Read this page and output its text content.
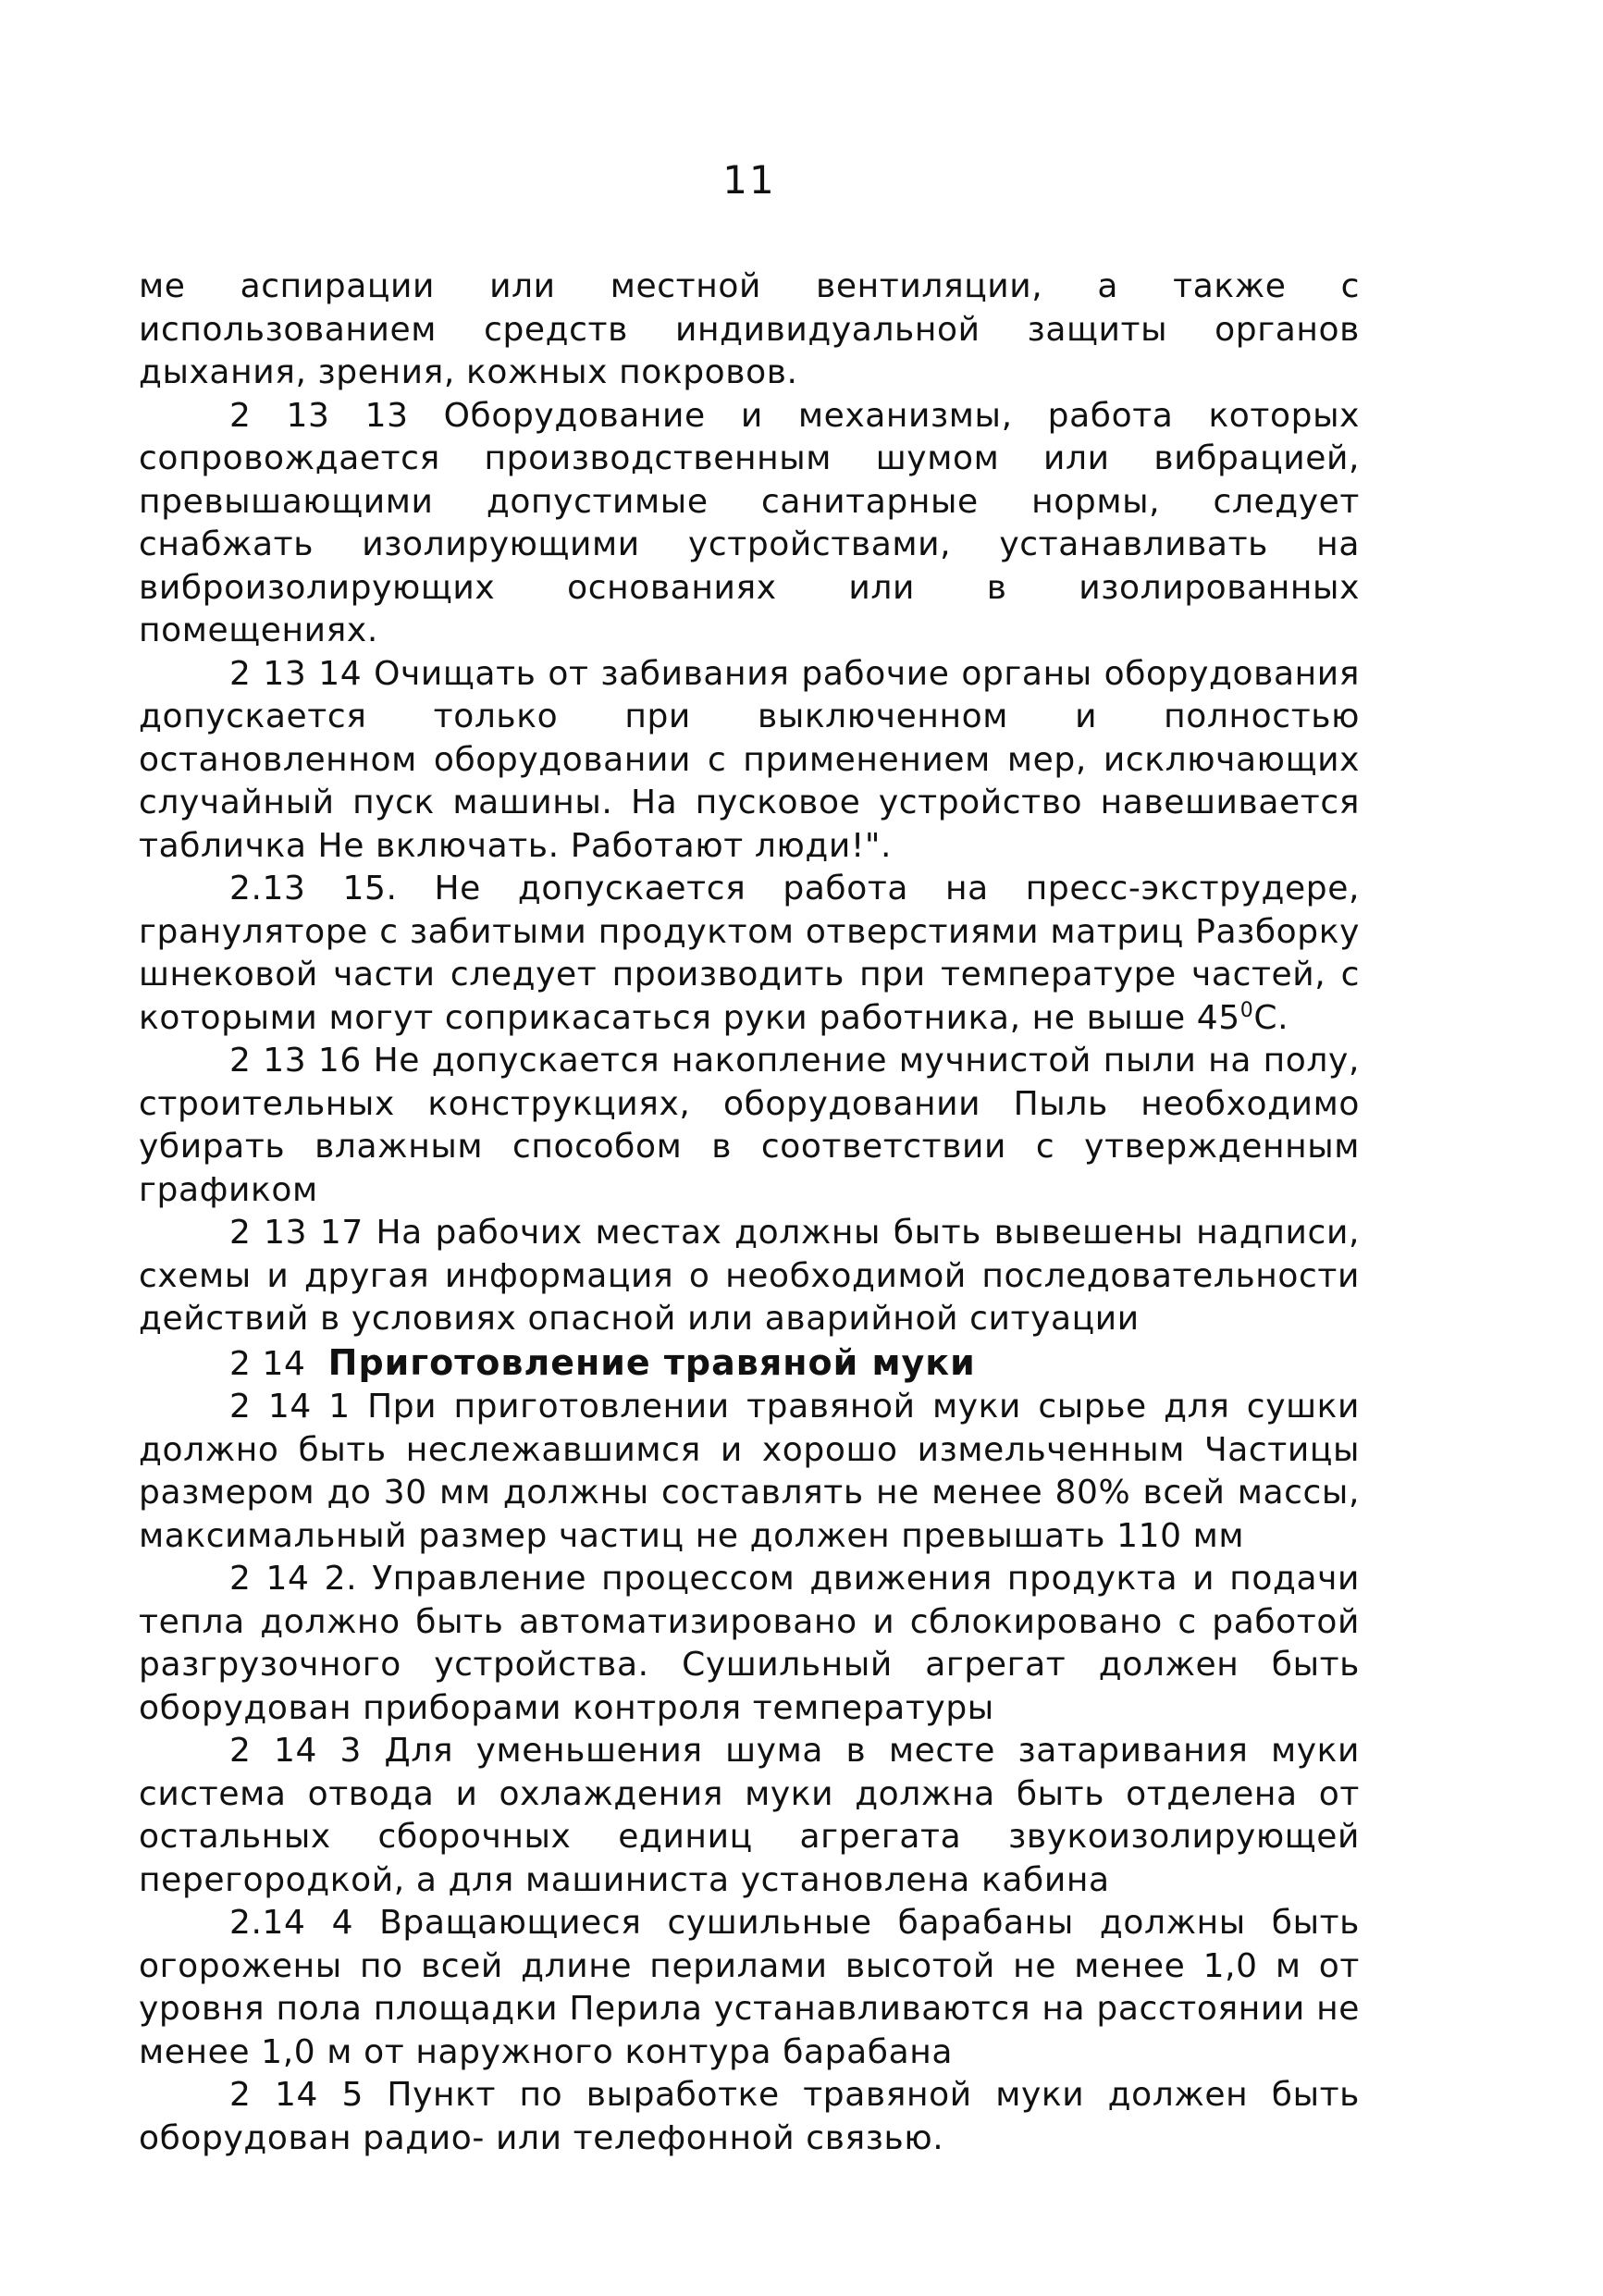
11

ме аспирации или местной вентиляции, а также с использованием средств индивидуальной защиты органов дыхания, зрения, кожных покровов.

2 13 13 Оборудование и механизмы, работа которых сопровождается производственным шумом или вибрацией, превышающими допустимые санитарные нормы, следует снабжать изолирующими устройствами, устанавливать на виброизолирующих основаниях или в изолированных помещениях.

2 13 14 Очищать от забивания рабочие органы оборудования допускается только при выключенном и полностью остановленном оборудовании с применением мер, исключающих случайный пуск машины. На пусковое устройство навешивается табличка Не включать. Работают люди!".

2.13 15. Не допускается работа на пресс-экструдере, грануляторе с забитыми продуктом отверстиями матриц Разборку шнековой части следует производить при температуре частей, с которыми могут соприкасаться руки работника, не выше $45^0С$.

2 13 16 Не допускается накопление мучнистой пыли на полу, строительных конструкциях, оборудовании Пыль необходимо убирать влажным способом в соответствии с утвержденным графиком

2 13 17 На рабочих местах должны быть вывешены надписи, схемы и другая информация о необходимой последовательности действий в условиях опасной или аварийной ситуации

2 14 Приготовление травяной муки

2 14 1 При приготовлении травяной муки сырье для сушки должно быть неслежавшимся и хорошо измельченным Частицы размером до 30 мм должны составлять не менее 80% всей массы, максимальный размер частиц не должен превышать 110 мм

2 14 2. Управление процессом движения продукта и подачи тепла должно быть автоматизировано и сблокировано с работой разгрузочного устройства. Сушильный агрегат должен быть оборудован приборами контроля температуры

2 14 3 Для уменьшения шума в месте затаривания муки система отвода и охлаждения муки должна быть отделена от остальных сборочных единиц агрегата звукоизолирующей перегородкой, а для машиниста установлена кабина

2.14 4 Вращающиеся сушильные барабаны должны быть огорожены по всей длине перилами высотой не менее 1,0 м от уровня пола площадки Перила устанавливаются на расстоянии не менее 1,0 м от наружного контура барабана

2 14 5 Пункт по выработке травяной муки должен быть оборудован радио- или телефонной связью.
